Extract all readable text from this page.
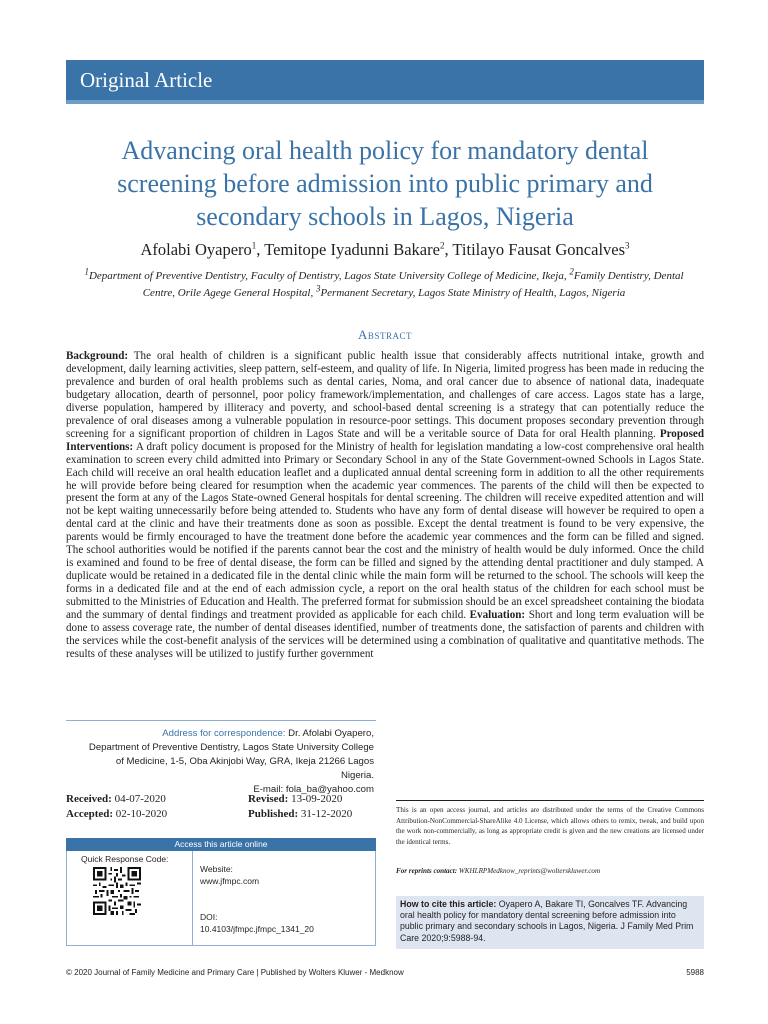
Original Article
Advancing oral health policy for mandatory dental screening before admission into public primary and secondary schools in Lagos, Nigeria
Afolabi Oyapero$^1$, Temitope Iyadunni Bakare$^2$, Titilayo Fausat Goncalves$^3$
$^1$Department of Preventive Dentistry, Faculty of Dentistry, Lagos State University College of Medicine, Ikeja, $^2$Family Dentistry, Dental Centre, Orile Agege General Hospital, $^3$Permanent Secretary, Lagos State Ministry of Health, Lagos, Nigeria
Abstract
Background: The oral health of children is a significant public health issue that considerably affects nutritional intake, growth and development, daily learning activities, sleep pattern, self-esteem, and quality of life. In Nigeria, limited progress has been made in reducing the prevalence and burden of oral health problems such as dental caries, Noma, and oral cancer due to absence of national data, inadequate budgetary allocation, dearth of personnel, poor policy framework/implementation, and challenges of care access. Lagos state has a large, diverse population, hampered by illiteracy and poverty, and school-based dental screening is a strategy that can potentially reduce the prevalence of oral diseases among a vulnerable population in resource-poor settings. This document proposes secondary prevention through screening for a significant proportion of children in Lagos State and will be a veritable source of Data for oral Health planning. Proposed Interventions: A draft policy document is proposed for the Ministry of health for legislation mandating a low-cost comprehensive oral health examination to screen every child admitted into Primary or Secondary School in any of the State Government-owned Schools in Lagos State. Each child will receive an oral health education leaflet and a duplicated annual dental screening form in addition to all the other requirements he will provide before being cleared for resumption when the academic year commences. The parents of the child will then be expected to present the form at any of the Lagos State-owned General hospitals for dental screening. The children will receive expedited attention and will not be kept waiting unnecessarily before being attended to. Students who have any form of dental disease will however be required to open a dental card at the clinic and have their treatments done as soon as possible. Except the dental treatment is found to be very expensive, the parents would be firmly encouraged to have the treatment done before the academic year commences and the form can be filled and signed. The school authorities would be notified if the parents cannot bear the cost and the ministry of health would be duly informed. Once the child is examined and found to be free of dental disease, the form can be filled and signed by the attending dental practitioner and duly stamped. A duplicate would be retained in a dedicated file in the dental clinic while the main form will be returned to the school. The schools will keep the forms in a dedicated file and at the end of each admission cycle, a report on the oral health status of the children for each school must be submitted to the Ministries of Education and Health. The preferred format for submission should be an excel spreadsheet containing the biodata and the summary of dental findings and treatment provided as applicable for each child. Evaluation: Short and long term evaluation will be done to assess coverage rate, the number of dental diseases identified, number of treatments done, the satisfaction of parents and children with the services while the cost-benefit analysis of the services will be determined using a combination of qualitative and quantitative methods. The results of these analyses will be utilized to justify further government
Address for correspondence: Dr. Afolabi Oyapero,
Department of Preventive Dentistry, Lagos State University College
of Medicine, 1-5, Oba Akinjobi Way, GRA, Ikeja 21266 Lagos
Nigeria.
E-mail: fola_ba@yahoo.com
Received: 04-07-2020	Revised: 13-09-2020
Accepted: 02-10-2020	Published: 31-12-2020
Access this article online
Quick Response Code:
Website:
www.jfmpc.com
DOI:
10.4103/jfmpc.jfmpc_1341_20
This is an open access journal, and articles are distributed under the terms of the Creative Commons Attribution-NonCommercial-ShareAlike 4.0 License, which allows others to remix, tweak, and build upon the work non-commercially, as long as appropriate credit is given and the new creations are licensed under the identical terms.
For reprints contact: WKHLRPMedknow_reprints@wolterskluwer.com
How to cite this article: Oyapero A, Bakare TI, Goncalves TF. Advancing oral health policy for mandatory dental screening before admission into public primary and secondary schools in Lagos, Nigeria. J Family Med Prim Care 2020;9:5988-94.
© 2020 Journal of Family Medicine and Primary Care | Published by Wolters Kluwer - Medknow	5988
